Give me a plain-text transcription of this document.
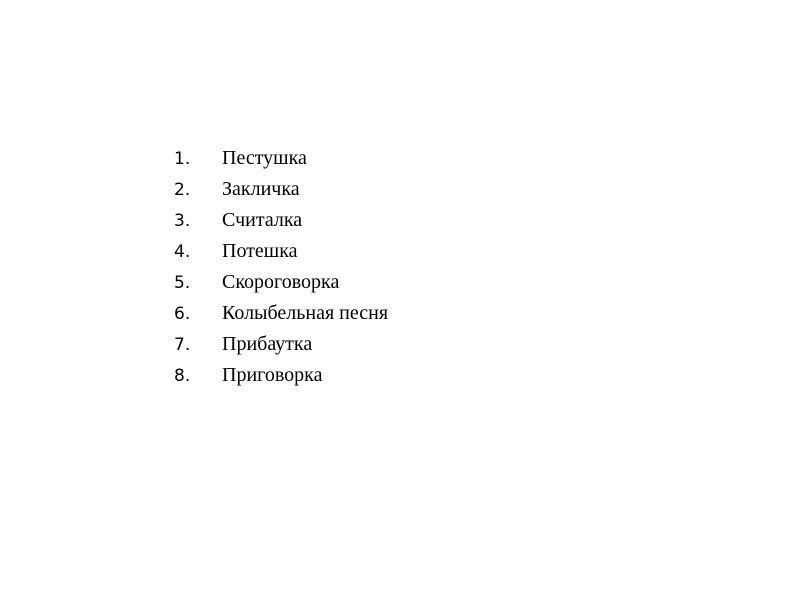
1.	Пестушка
2.	Закличка
3.	Считалка
4.	Потешка
5.	Скороговорка
6.	Колыбельная песня
7.	Прибаутка
8.	Приговорка
